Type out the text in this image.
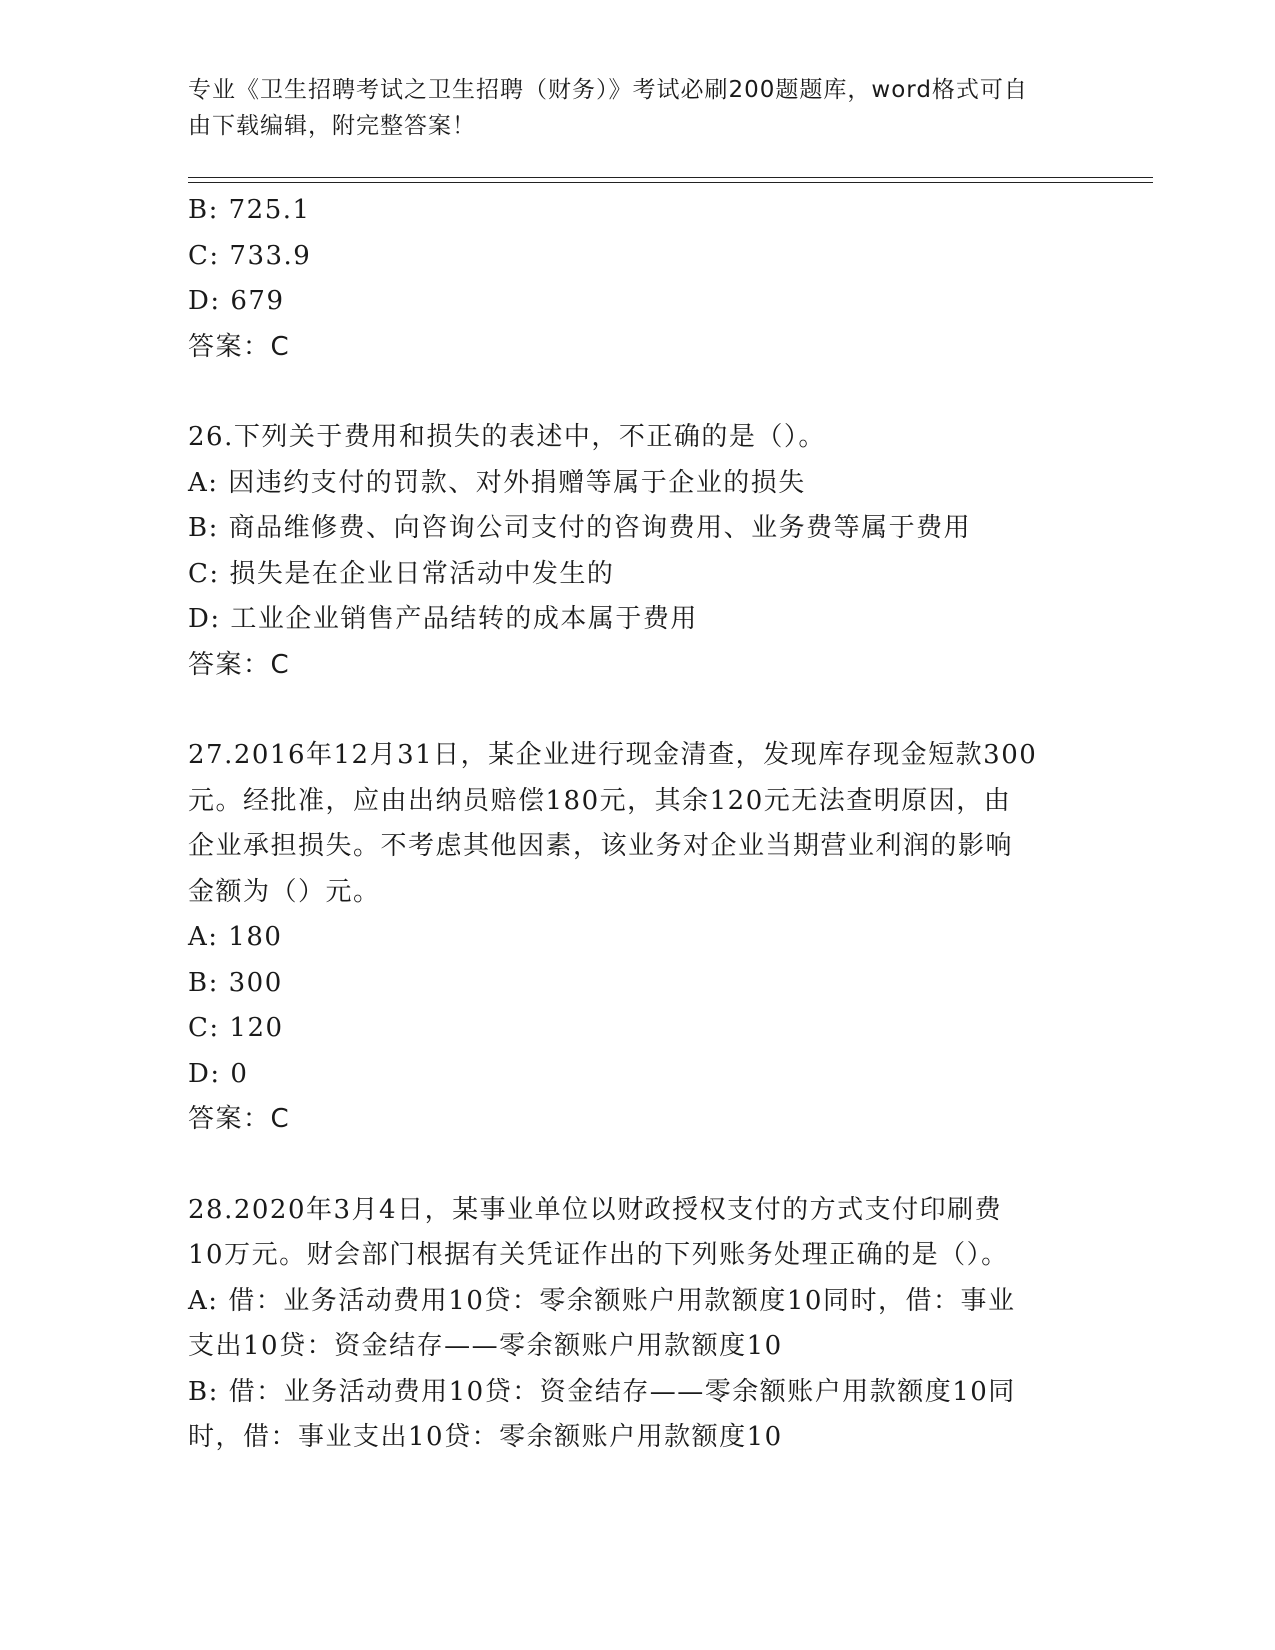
专业《卫生招聘考试之卫生招聘（财务）》考试必刷200题题库，word格式可自
由下载编辑，附完整答案！
B: 725.1
C: 733.9
D: 679
答案：C
26.下列关于费用和损失的表述中，不正确的是（）。
A: 因违约支付的罚款、对外捐赠等属于企业的损失
B: 商品维修费、向咨询公司支付的咨询费用、业务费等属于费用
C: 损失是在企业日常活动中发生的
D: 工业企业销售产品结转的成本属于费用
答案：C
27.2016年12月31日，某企业进行现金清查，发现库存现金短款300
元。经批准，应由出纳员赔偿180元，其余120元无法查明原因，由
企业承担损失。不考虑其他因素，该业务对企业当期营业利润的影响
金额为（）元。
A: 180
B: 300
C: 120
D: 0
答案：C
28.2020年3月4日，某事业单位以财政授权支付的方式支付印刷费
10万元。财会部门根据有关凭证作出的下列账务处理正确的是（）。
A: 借：业务活动费用10贷：零余额账户用款额度10同时，借：事业
支出10贷：资金结存——零余额账户用款额度10
B: 借：业务活动费用10贷：资金结存——零余额账户用款额度10同
时，借：事业支出10贷：零余额账户用款额度10
